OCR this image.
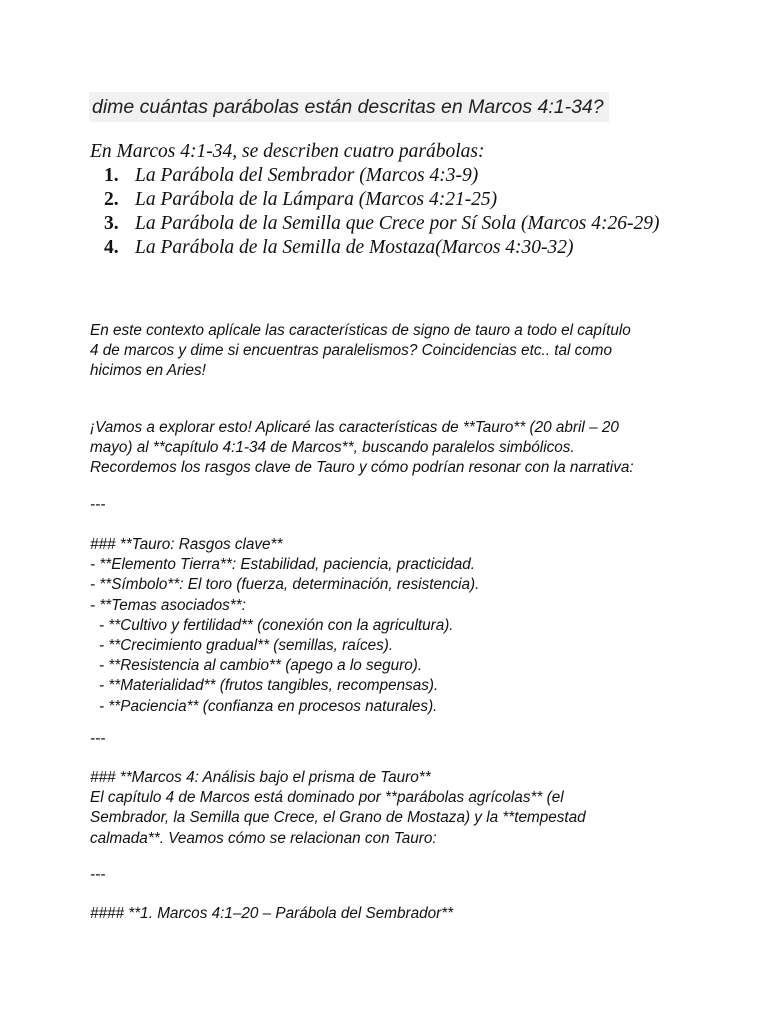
dime cuántas parábolas están descritas en Marcos 4:1-34?
En Marcos 4:1-34, se describen cuatro parábolas:
1. La Parábola del Sembrador (Marcos 4:3-9)
2. La Parábola de la Lámpara (Marcos 4:21-25)
3. La Parábola de la Semilla que Crece por Sí Sola (Marcos 4:26-29)
4. La Parábola de la Semilla de Mostaza(Marcos 4:30-32)
En este contexto aplícale las características de signo de tauro a todo el capítulo
4 de marcos y dime si encuentras paralelismos? Coincidencias etc.. tal como
hicimos en Aries!
¡Vamos a explorar esto! Aplicaré las características de **Tauro** (20 abril – 20
mayo) al **capítulo 4:1-34 de Marcos**, buscando paralelos simbólicos.
Recordemos los rasgos clave de Tauro y cómo podrían resonar con la narrativa:
---
### **Tauro: Rasgos clave**
- **Elemento Tierra**: Estabilidad, paciencia, practicidad.
- **Símbolo**: El toro (fuerza, determinación, resistencia).
- **Temas asociados**:
- **Cultivo y fertilidad** (conexión con la agricultura).
- **Crecimiento gradual** (semillas, raíces).
- **Resistencia al cambio** (apego a lo seguro).
- **Materialidad** (frutos tangibles, recompensas).
- **Paciencia** (confianza en procesos naturales).
---
### **Marcos 4: Análisis bajo el prisma de Tauro**
El capítulo 4 de Marcos está dominado por **parábolas agrícolas** (el
Sembrador, la Semilla que Crece, el Grano de Mostaza) y la **tempestad
calmada**. Veamos cómo se relacionan con Tauro:
---
#### **1. Marcos 4:1–20 – Parábola del Sembrador**
